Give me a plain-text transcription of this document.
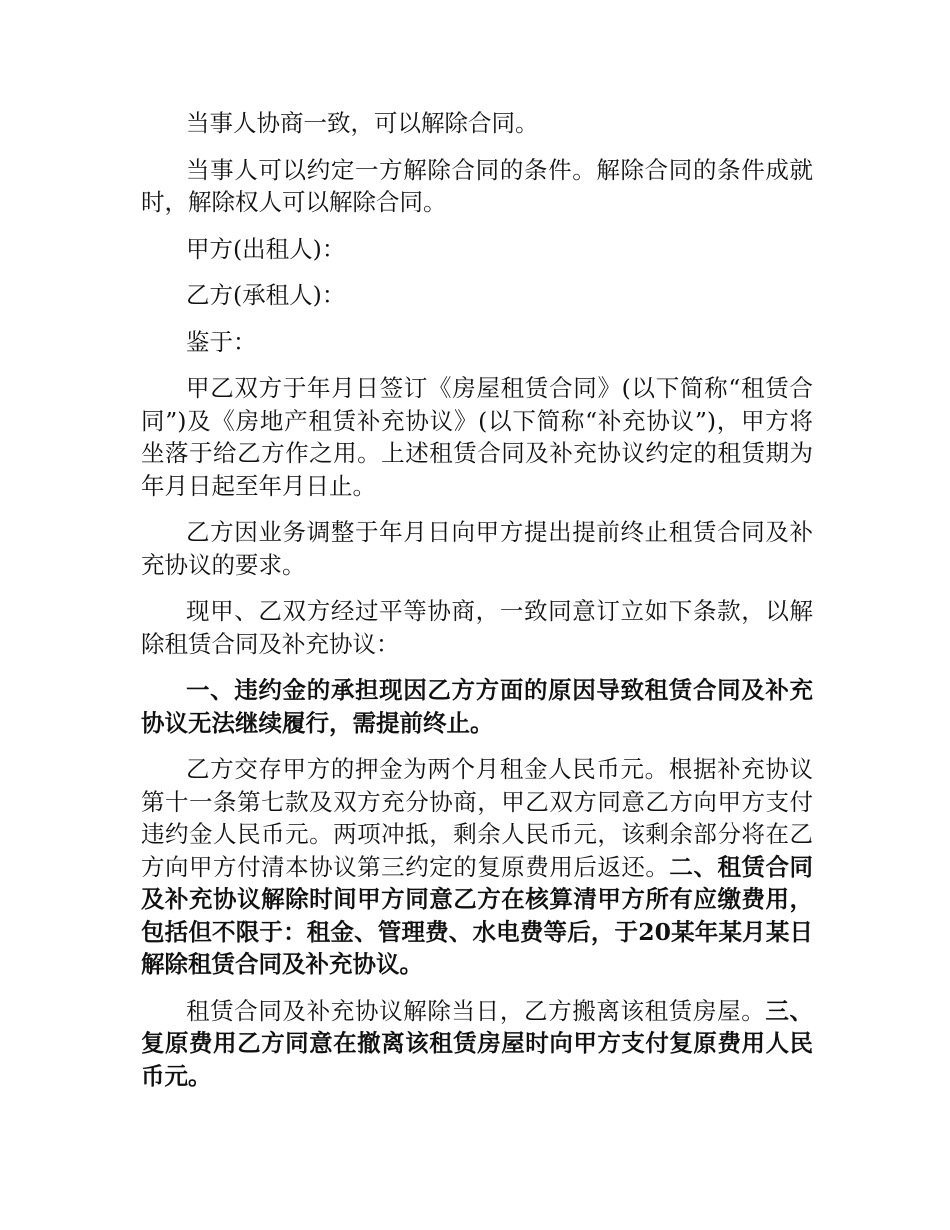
当事人协商一致，可以解除合同。

当事人可以约定一方解除合同的条件。解除合同的条件成就时，解除权人可以解除合同。

甲方(出租人)：

乙方(承租人)：

鉴于：

甲乙双方于年月日签订《房屋租赁合同》(以下简称“租赁合同”)及《房地产租赁补充协议》(以下简称“补充协议”)，甲方将坐落于给乙方作之用。上述租赁合同及补充协议约定的租赁期为年月日起至年月日止。

乙方因业务调整于年月日向甲方提出提前终止租赁合同及补充协议的要求。

现甲、乙双方经过平等协商，一致同意订立如下条款，以解除租赁合同及补充协议：

一、违约金的承担现因乙方方面的原因导致租赁合同及补充协议无法继续履行，需提前终止。

乙方交存甲方的押金为两个月租金人民币元。根据补充协议第十一条第七款及双方充分协商，甲乙双方同意乙方向甲方支付违约金人民币元。两项冲抵，剩余人民币元，该剩余部分将在乙方向甲方付清本协议第三约定的复原费用后返还。二、租赁合同及补充协议解除时间甲方同意乙方在核算清甲方所有应缴费用，包括但不限于：租金、管理费、水电费等后，于20某年某月某日解除租赁合同及补充协议。

租赁合同及补充协议解除当日，乙方搬离该租赁房屋。三、复原费用乙方同意在撤离该租赁房屋时向甲方支付复原费用人民币元。
